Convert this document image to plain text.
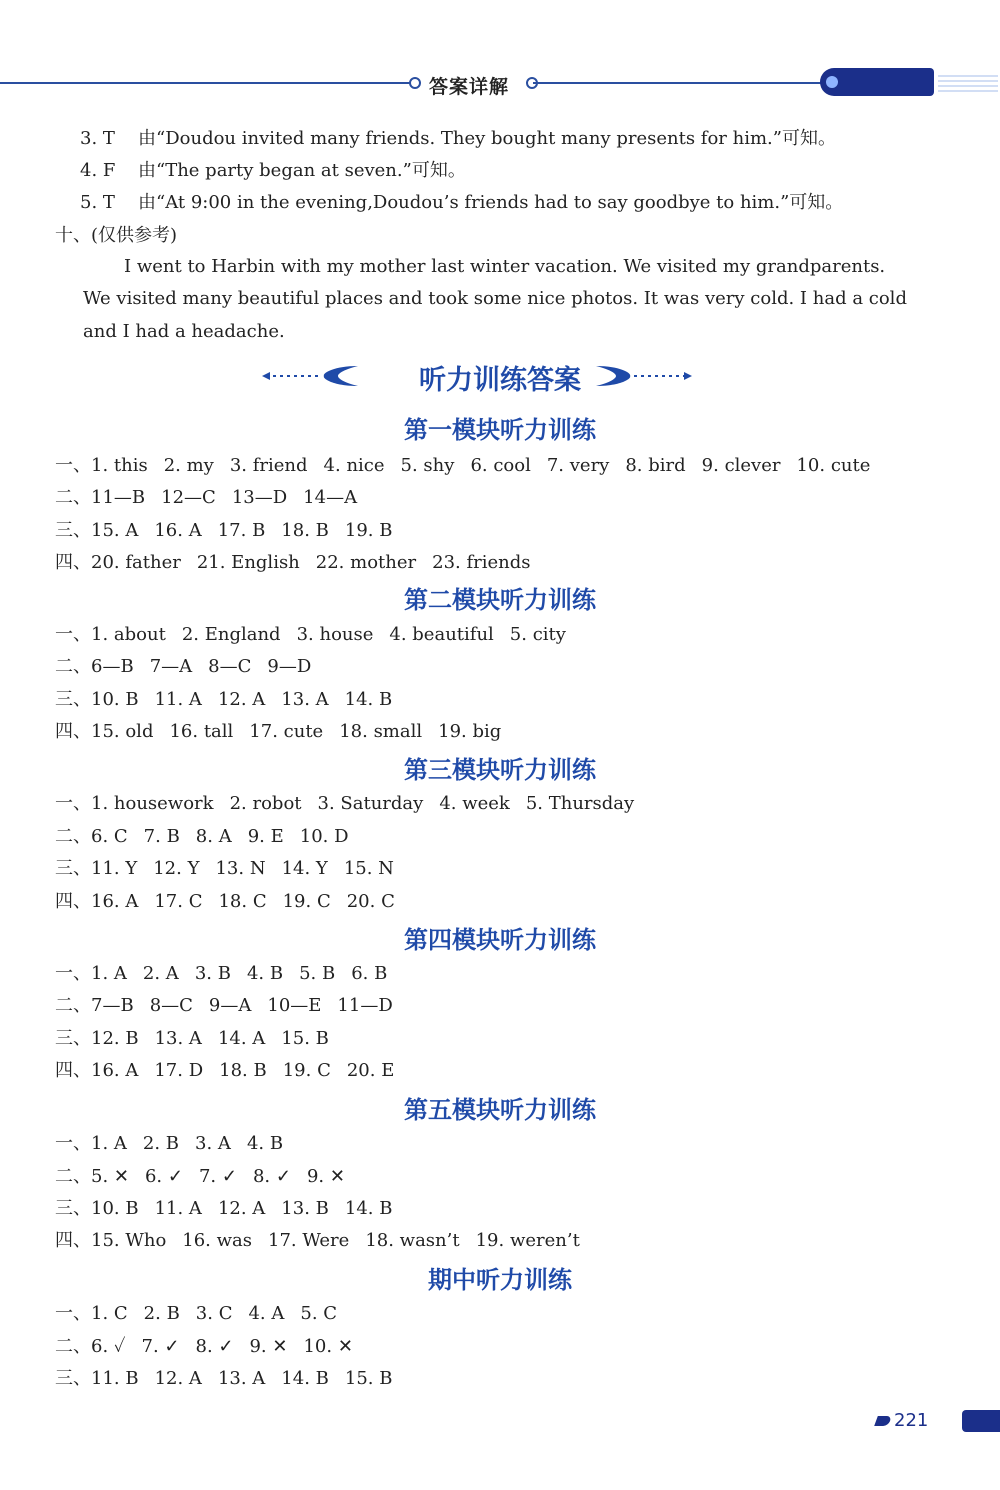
答案详解
3. T 由“Doudou invited many friends. They bought many presents for him.”可知。
4. F 由“The party began at seven.”可知。
5. T 由“At 9:00 in the evening,Doudou’s friends had to say goodbye to him.”可知。
十、(仅供参考)
I went to Harbin with my mother last winter vacation. We visited my grandparents.
We visited many beautiful places and took some nice photos. It was very cold. I had a cold
and I had a headache.
听力训练答案
第一模块听力训练
一、1. this 2. my 3. friend 4. nice 5. shy 6. cool 7. very 8. bird 9. clever 10. cute
二、11—B 12—C 13—D 14—A
三、15. A 16. A 17. B 18. B 19. B
四、20. father 21. English 22. mother 23. friends
第二模块听力训练
一、1. about 2. England 3. house 4. beautiful 5. city
二、6—B 7—A 8—C 9—D
三、10. B 11. A 12. A 13. A 14. B
四、15. old 16. tall 17. cute 18. small 19. big
第三模块听力训练
一、1. housework 2. robot 3. Saturday 4. week 5. Thursday
二、6. C 7. B 8. A 9. E 10. D
三、11. Y 12. Y 13. N 14. Y 15. N
四、16. A 17. C 18. C 19. C 20. C
第四模块听力训练
一、1. A 2. A 3. B 4. B 5. B 6. B
二、7—B 8—C 9—A 10—E 11—D
三、12. B 13. A 14. A 15. B
四、16. A 17. D 18. B 19. C 20. E
第五模块听力训练
一、1. A 2. B 3. A 4. B
二、5. ✕ 6. ✓ 7. ✓ 8. ✓ 9. ✕
三、10. B 11. A 12. A 13. B 14. B
四、15. Who 16. was 17. Were 18. wasn’t 19. weren’t
期中听力训练
一、1. C 2. B 3. C 4. A 5. C
二、6. ✓ 7. ✓ 8. ✓ 9. ✕ 10. ✕
三、11. B 12. A 13. A 14. B 15. B
221
